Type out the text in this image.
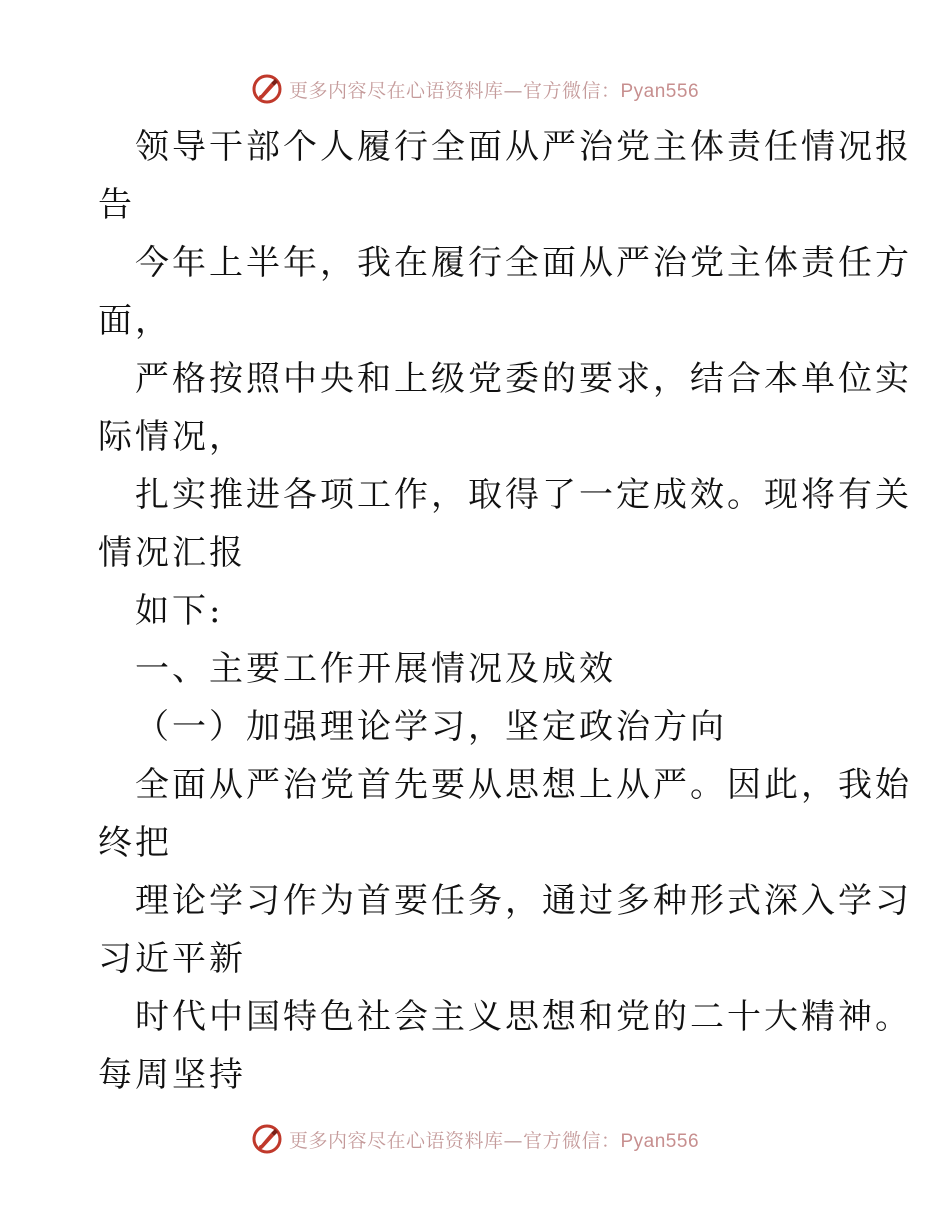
更多内容尽在心语资料库—官方微信：Pyan556
领导干部个人履行全面从严治党主体责任情况报
告
今年上半年，我在履行全面从严治党主体责任方
面，
严格按照中央和上级党委的要求，结合本单位实
际情况，
扎实推进各项工作，取得了一定成效。现将有关
情况汇报
如下:
一、主要工作开展情况及成效
（一）加强理论学习，坚定政治方向
全面从严治党首先要从思想上从严。因此，我始
终把
理论学习作为首要任务，通过多种形式深入学习
习近平新
时代中国特色社会主义思想和党的二十大精神。
每周坚持
更多内容尽在心语资料库—官方微信：Pyan556
